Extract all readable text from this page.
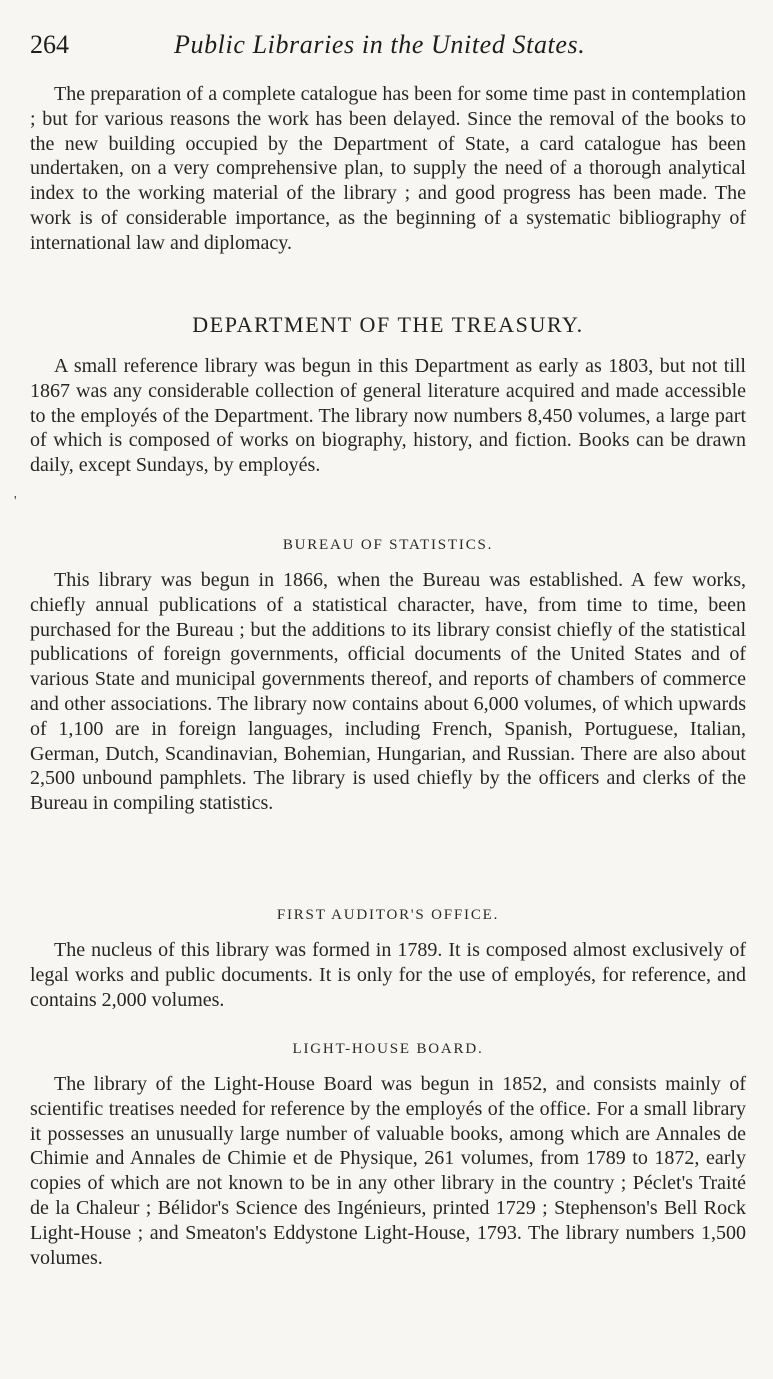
264	Public Libraries in the United States.

The preparation of a complete catalogue has been for some time past in contemplation ; but for various reasons the work has been delayed. Since the removal of the books to the new building occupied by the Department of State, a card catalogue has been undertaken, on a very comprehensive plan, to supply the need of a thorough analytical index to the working material of the library ; and good progress has been made. The work is of considerable importance, as the beginning of a systematic bibliography of international law and diplomacy.

DEPARTMENT OF THE TREASURY.

A small reference library was begun in this Department as early as 1803, but not till 1867 was any considerable collection of general literature acquired and made accessible to the employés of the Department. The library now numbers 8,450 volumes, a large part of which is composed of works on biography, history, and fiction. Books can be drawn daily, except Sundays, by employés.

'
BUREAU OF STATISTICS.

This library was begun in 1866, when the Bureau was established. A few works, chiefly annual publications of a statistical character, have, from time to time, been purchased for the Bureau ; but the additions to its library consist chiefly of the statistical publications of foreign governments, official documents of the United States and of various State and municipal governments thereof, and reports of chambers of commerce and other associations. The library now contains about 6,000 volumes, of which upwards of 1,100 are in foreign languages, including French, Spanish, Portuguese, Italian, German, Dutch, Scandinavian, Bohemian, Hungarian, and Russian. There are also about 2,500 unbound pamphlets. The library is used chiefly by the officers and clerks of the Bureau in compiling statistics.

FIRST AUDITOR'S OFFICE.

The nucleus of this library was formed in 1789. It is composed almost exclusively of legal works and public documents. It is only for the use of employés, for reference, and contains 2,000 volumes.

LIGHT-HOUSE BOARD.

The library of the Light-House Board was begun in 1852, and consists mainly of scientific treatises needed for reference by the employés of the office. For a small library it possesses an unusually large number of valuable books, among which are Annales de Chimie and Annales de Chimie et de Physique, 261 volumes, from 1789 to 1872, early copies of which are not known to be in any other library in the country ; Péclet's Traité de la Chaleur ; Bélidor's Science des Ingénieurs, printed 1729 ; Stephenson's Bell Rock Light-House ; and Smeaton's Eddystone Light-House, 1793. The library numbers 1,500 volumes.
